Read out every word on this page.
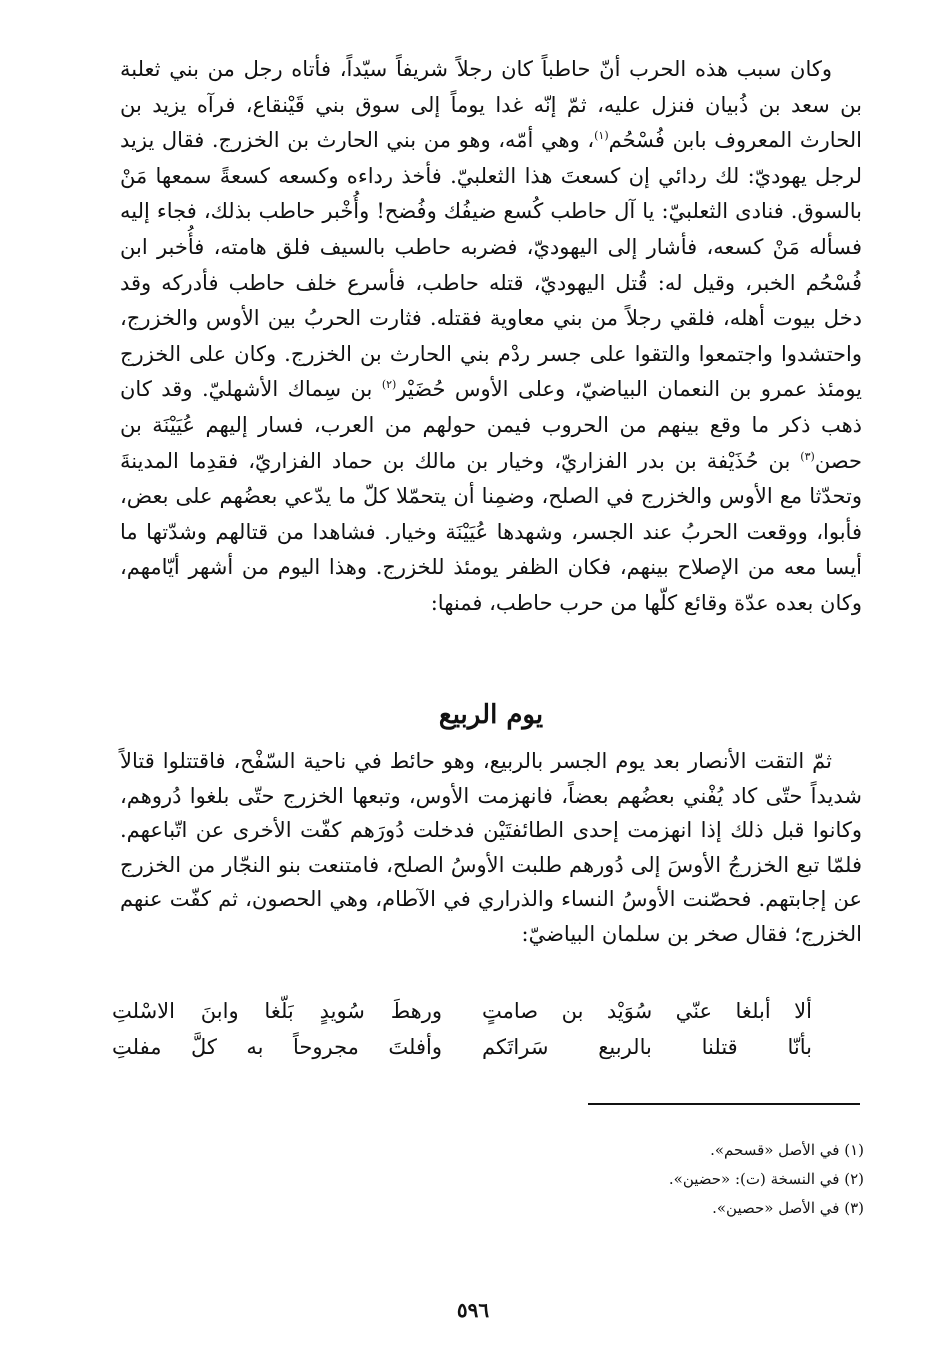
وكان سبب هذه الحرب أنّ حاطباً كان رجلاً شريفاً سيّداً، فأتاه رجل من بني ثعلبة بن سعد بن ذُبيان فنزل عليه، ثمّ إنّه غدا يوماً إلى سوق بني قَيْنقاع، فرآه يزيد بن الحارث المعروف بابن فُسْحُم$^{(١)}$، وهي أمّه، وهو من بني الحارث بن الخزرج. فقال يزيد لرجل يهوديّ: لك ردائي إن كسعتَ هذا الثعلبيّ. فأخذ رداءه وكسعه كسعةً سمعها مَنْ بالسوق. فنادى الثعلبيّ: يا آل حاطب كُسع ضيفُك وفُضح! وأُخْبر حاطب بذلك، فجاء إليه فسأله مَنْ كسعه، فأشار إلى اليهوديّ، فضربه حاطب بالسيف فلق هامته، فأُخبر ابن فُسْحُم الخبر، وقيل له: قُتل اليهوديّ، قتله حاطب، فأسرع خلف حاطب فأدركه وقد دخل بيوت أهله، فلقي رجلاً من بني معاوية فقتله. فثارت الحربُ بين الأوس والخزرج، واحتشدوا واجتمعوا والتقوا على جسر ردْم بني الحارث بن الخزرج. وكان على الخزرج يومئذ عمرو بن النعمان البياضيّ، وعلى الأوس حُضَيْر$^{(٢)}$ بن سِماك الأشهليّ. وقد كان ذهب ذكر ما وقع بينهم من الحروب فيمن حولهم من العرب، فسار إليهم عُيَيْنَة بن حصن$^{(٣)}$ بن حُذَيْفة بن بدر الفزاريّ، وخيار بن مالك بن حماد الفزاريّ، فقدِما المدينةَ وتحدّثا مع الأوس والخزرج في الصلح، وضمِنا أن يتحمّلا كلّ ما يدّعي بعضُهم على بعض، فأبوا، ووقعت الحربُ عند الجسر، وشهدها عُيَيْنَة وخيار. فشاهدا من قتالهم وشدّتها ما أيسا معه من الإصلاح بينهم، فكان الظفر يومئذ للخزرج. وهذا اليوم من أشهر أيّامهم، وكان بعده عدّة وقائع كلّها من حرب حاطب، فمنها:

يوم الربيع

ثمّ التقت الأنصار بعد يوم الجسر بالربيع، وهو حائط في ناحية السّفْح، فاقتتلوا قتالاً شديداً حتّى كاد يُفْني بعضُهم بعضاً، فانهزمت الأوس، وتبعها الخزرج حتّى بلغوا دُروهم، وكانوا قبل ذلك إذا انهزمت إحدى الطائفتَيْن فدخلت دُورَهم كفّت الأخرى عن اتّباعهم. فلمّا تبع الخزرجُ الأوسَ إلى دُورهم طلبت الأوسُ الصلح، فامتنعت بنو النجّار من الخزرج عن إجابتهم. فحصّنت الأوسُ النساء والذراري في الآطام، وهي الحصون، ثم كفّت عنهم الخزرج؛ فقال صخر بن سلمان البياضيّ:

ألا أبلغا عنّي سُوَيْد بن صامتٍ
ورهطَ سُويدٍ بَلّغا وابنَ الاسْلتِ
بأنّا قتلنا بالربيع سَراتَكم
وأفلتَ مجروحاً به كلَّ مفلتِ
(١) في الأصل «قسحم».
(٢) في النسخة (ت): «حضين».
(٣) في الأصل «حصين».
٥٩٦
